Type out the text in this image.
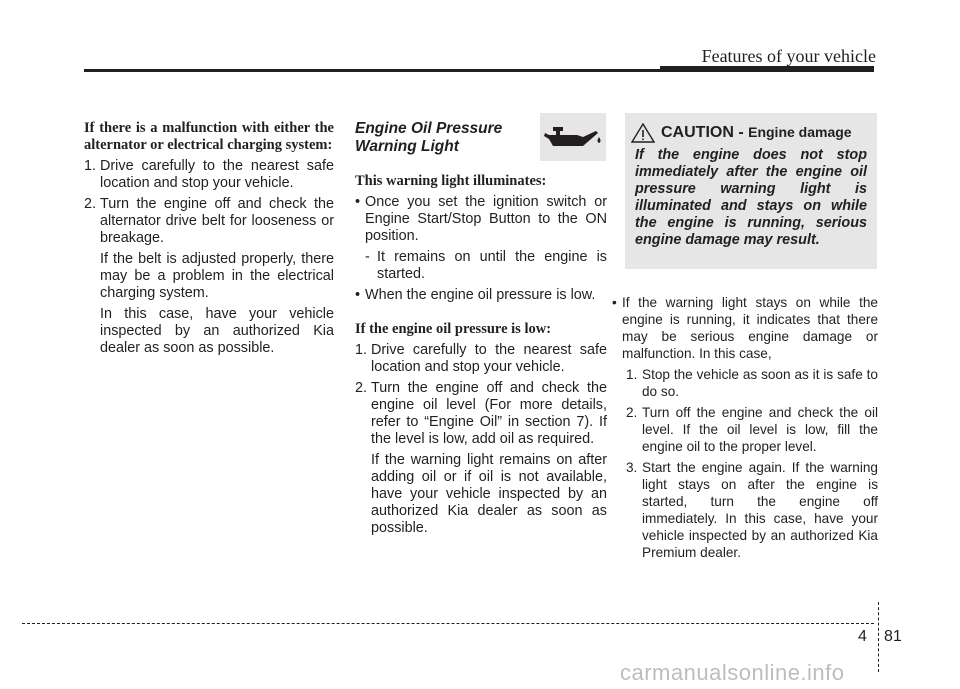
Features of your vehicle

If there is a malfunction with either the alternator or electrical charging system:

1. Drive carefully to the nearest safe location and stop your vehicle.
2. Turn the engine off and check the alternator drive belt for looseness or breakage.

If the belt is adjusted properly, there may be a problem in the electrical charging system.

In this case, have your vehicle inspected by an authorized Kia dealer as soon as possible.

Engine Oil Pressure
Warning Light

This warning light illuminates:

• Once you set the ignition switch or Engine Start/Stop Button to the ON position.
- It remains on until the engine is started.
• When the engine oil pressure is low.

If the engine oil pressure is low:

1. Drive carefully to the nearest safe location and stop your vehicle.
2. Turn the engine off and check the engine oil level (For more details, refer to “Engine Oil” in section 7). If the level is low, add oil as required.

If the warning light remains on after adding oil or if oil is not available, have your vehicle inspected by an authorized Kia dealer as soon as possible.

CAUTION - Engine damage

If the engine does not stop immediately after the engine oil pressure warning light is illuminated and stays on while the engine is running, serious engine damage may result.

• If the warning light stays on while the engine is running, it indicates that there may be serious engine damage or malfunction. In this case,
1. Stop the vehicle as soon as it is safe to do so.
2. Turn off the engine and check the oil level. If the oil level is low, fill the engine oil to the proper level.
3. Start the engine again. If the warning light stays on after the engine is started, turn the engine off immediately. In this case, have your vehicle inspected by an authorized Kia Premium dealer.
4 81
carmanualsonline.info
